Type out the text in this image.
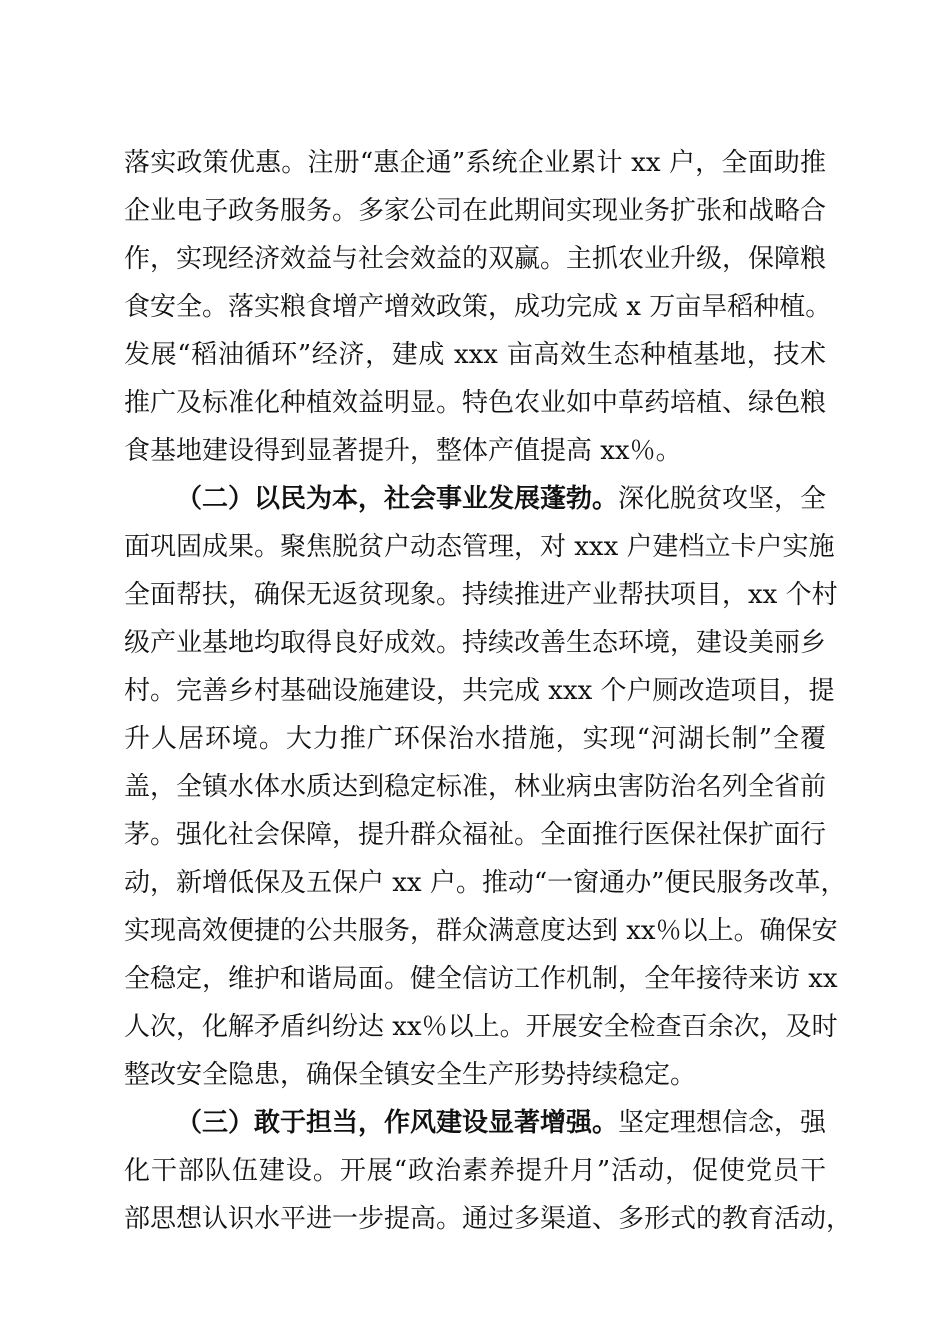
落实政策优惠。注册“惠企通”系统企业累计 xx 户，全面助推
企业电子政务服务。多家公司在此期间实现业务扩张和战略合
作，实现经济效益与社会效益的双赢。主抓农业升级，保障粮
食安全。落实粮食增产增效政策，成功完成 x 万亩旱稻种植。
发展“稻油循环”经济，建成 xxx 亩高效生态种植基地，技术
推广及标准化种植效益明显。特色农业如中草药培植、绿色粮
食基地建设得到显著提升，整体产值提高 xx％。
（二）以民为本，社会事业发展蓬勃。深化脱贫攻坚，全
面巩固成果。聚焦脱贫户动态管理，对 xxx 户建档立卡户实施
全面帮扶，确保无返贫现象。持续推进产业帮扶项目，xx 个村
级产业基地均取得良好成效。持续改善生态环境，建设美丽乡
村。完善乡村基础设施建设，共完成 xxx 个户厕改造项目，提
升人居环境。大力推广环保治水措施，实现“河湖长制”全覆
盖，全镇水体水质达到稳定标准，林业病虫害防治名列全省前
茅。强化社会保障，提升群众福祉。全面推行医保社保扩面行
动，新增低保及五保户 xx 户。推动“一窗通办”便民服务改革，
实现高效便捷的公共服务，群众满意度达到 xx％以上。确保安
全稳定，维护和谐局面。健全信访工作机制，全年接待来访 xx
人次，化解矛盾纠纷达 xx％以上。开展安全检查百余次，及时
整改安全隐患，确保全镇安全生产形势持续稳定。
（三）敢于担当，作风建设显著增强。坚定理想信念，强
化干部队伍建设。开展“政治素养提升月”活动，促使党员干
部思想认识水平进一步提高。通过多渠道、多形式的教育活动，
